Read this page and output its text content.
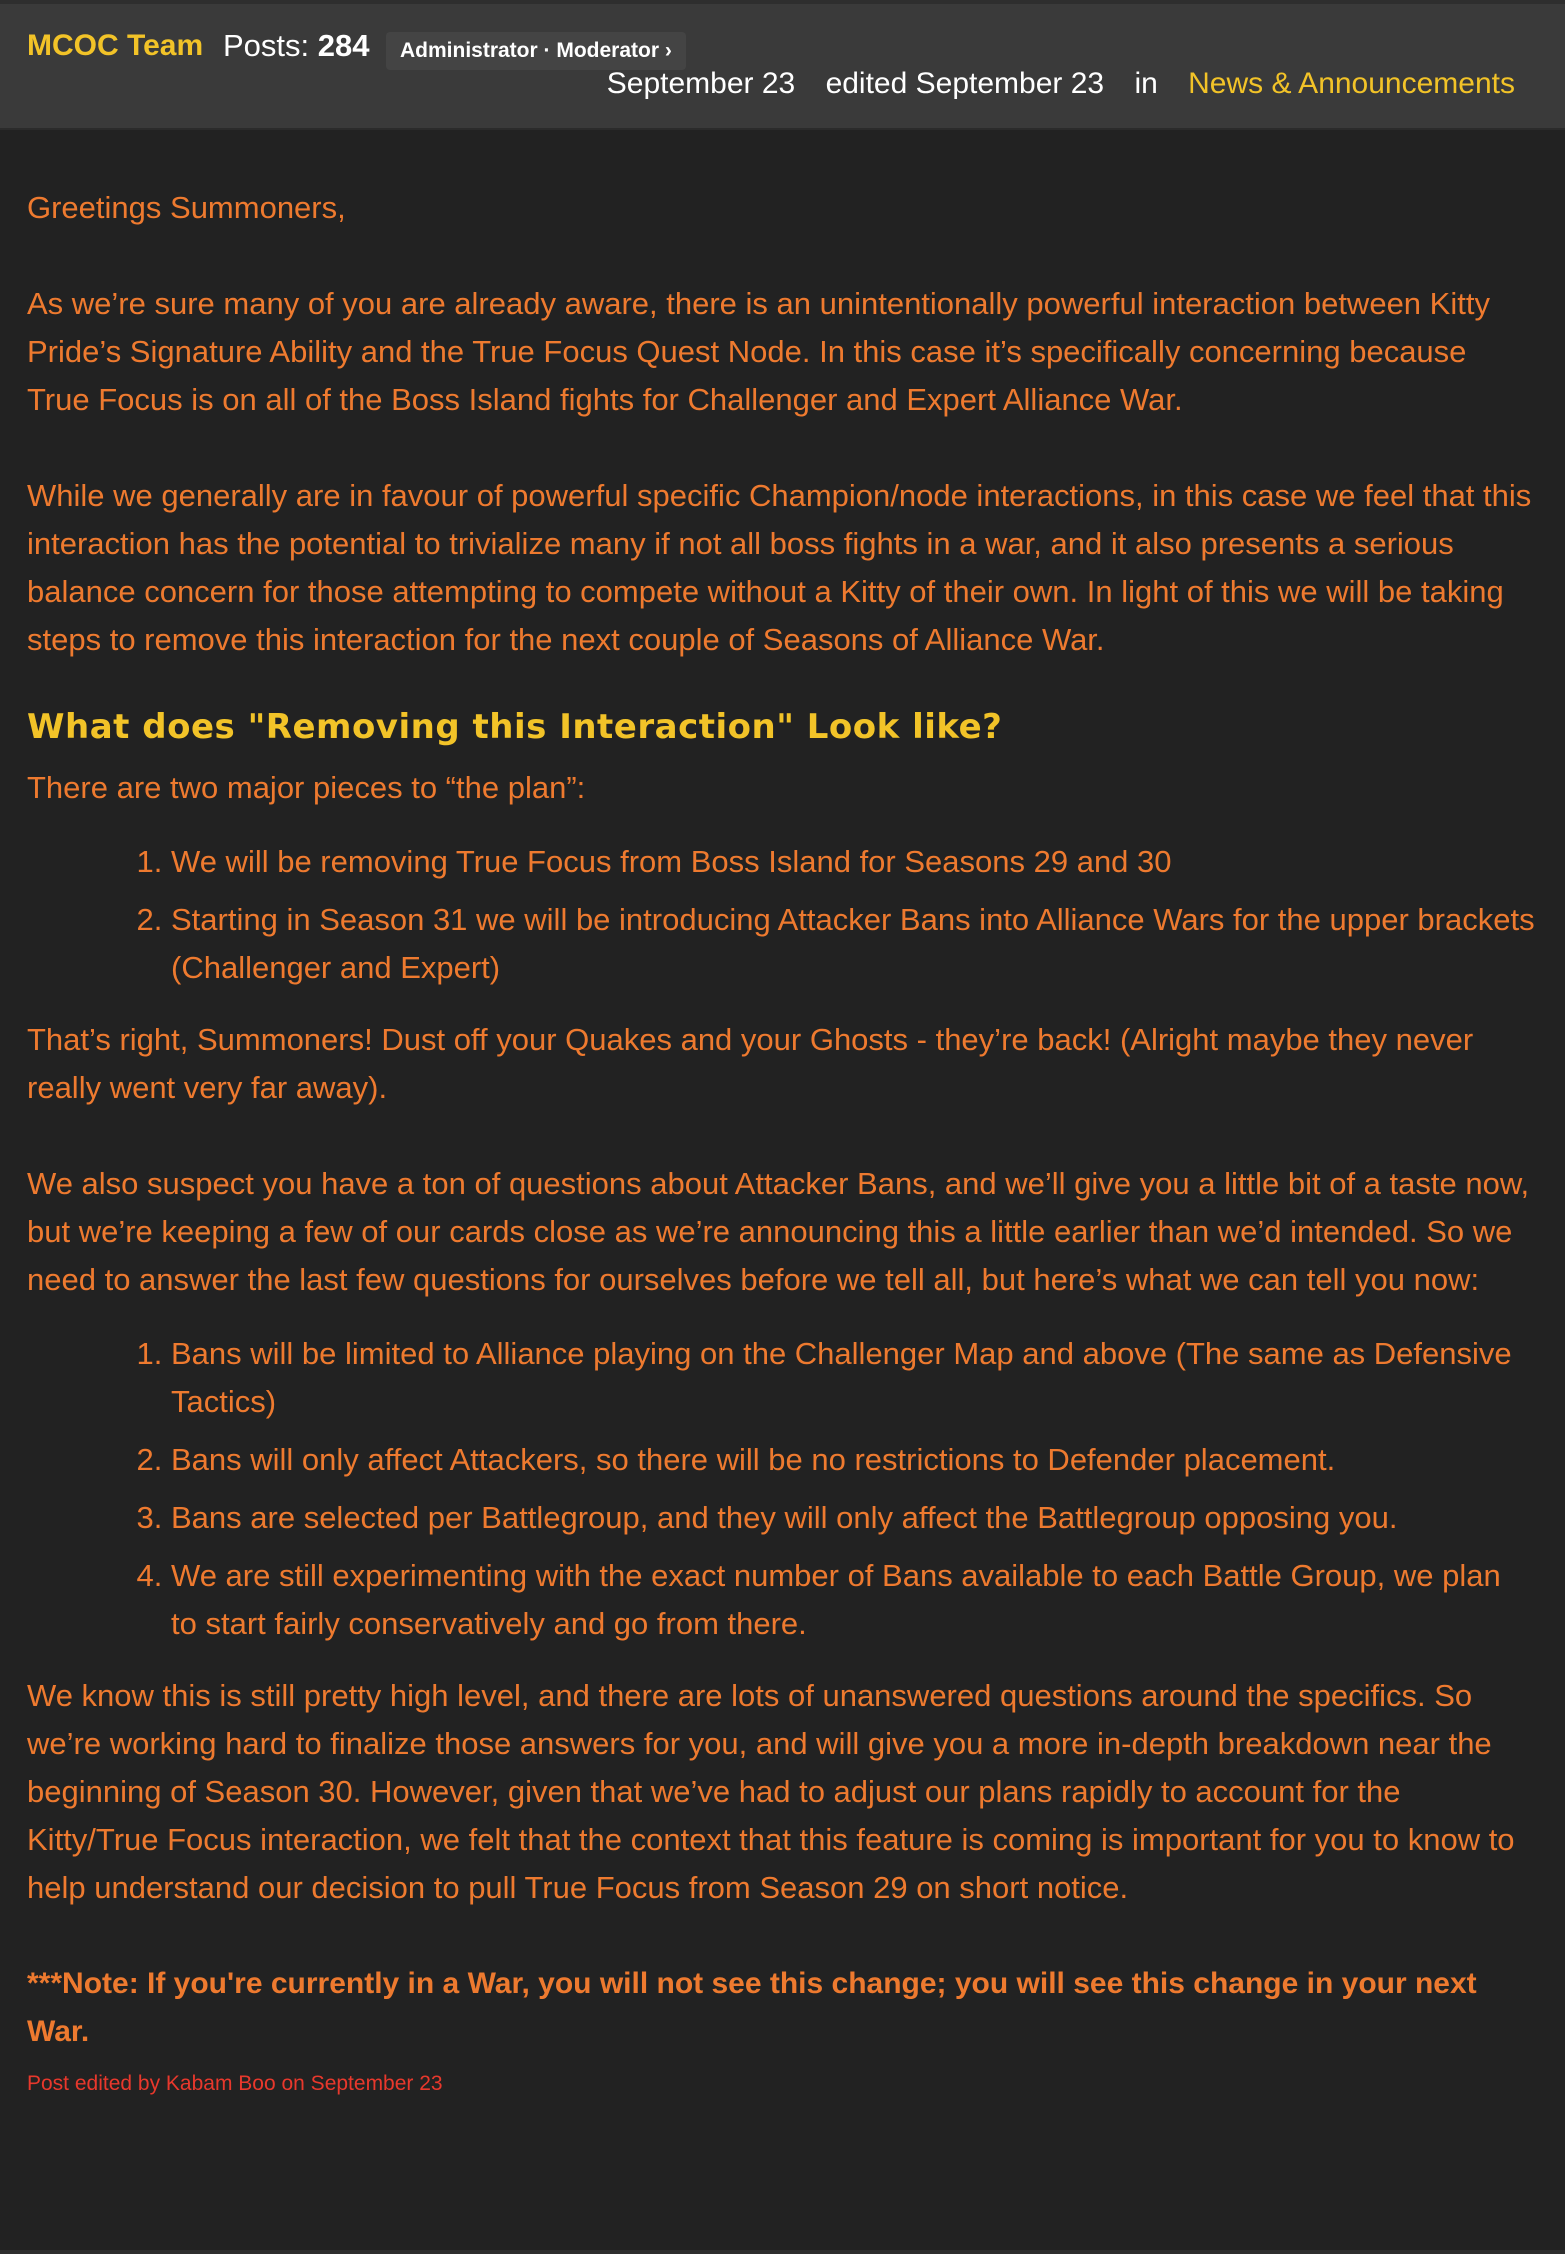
MCOC Team Posts: 284	Administrator · Moderator ›
September 23 edited September 23 in News & Announcements

Greetings Summoners,

As we’re sure many of you are already aware, there is an unintentionally powerful interaction between Kitty Pride’s Signature Ability and the True Focus Quest Node. In this case it’s specifically concerning because True Focus is on all of the Boss Island fights for Challenger and Expert Alliance War.

While we generally are in favour of powerful specific Champion/node interactions, in this case we feel that this interaction has the potential to trivialize many if not all boss fights in a war, and it also presents a serious balance concern for those attempting to compete without a Kitty of their own. In light of this we will be taking steps to remove this interaction for the next couple of Seasons of Alliance War.

What does "Removing this Interaction" Look like?

There are two major pieces to “the plan”:

1. We will be removing True Focus from Boss Island for Seasons 29 and 30
2. Starting in Season 31 we will be introducing Attacker Bans into Alliance Wars for the upper brackets (Challenger and Expert)

That’s right, Summoners! Dust off your Quakes and your Ghosts - they’re back! (Alright maybe they never really went very far away).

We also suspect you have a ton of questions about Attacker Bans, and we’ll give you a little bit of a taste now, but we’re keeping a few of our cards close as we’re announcing this a little earlier than we’d intended. So we need to answer the last few questions for ourselves before we tell all, but here’s what we can tell you now:

1. Bans will be limited to Alliance playing on the Challenger Map and above (The same as Defensive Tactics)
2. Bans will only affect Attackers, so there will be no restrictions to Defender placement.
3. Bans are selected per Battlegroup, and they will only affect the Battlegroup opposing you.
4. We are still experimenting with the exact number of Bans available to each Battle Group, we plan to start fairly conservatively and go from there.

We know this is still pretty high level, and there are lots of unanswered questions around the specifics. So we’re working hard to finalize those answers for you, and will give you a more in-depth breakdown near the beginning of Season 30. However, given that we’ve had to adjust our plans rapidly to account for the Kitty/True Focus interaction, we felt that the context that this feature is coming is important for you to know to help understand our decision to pull True Focus from Season 29 on short notice.

***Note: If you're currently in a War, you will not see this change; you will see this change in your next War.

Post edited by Kabam Boo on September 23
